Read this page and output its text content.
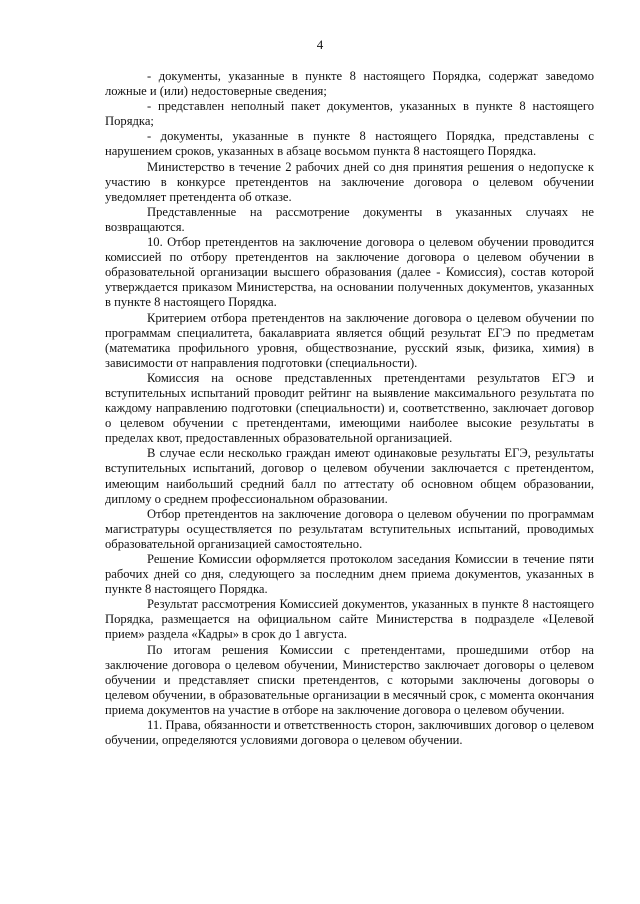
4

- документы, указанные в пункте 8 настоящего Порядка, содержат заведомо ложные и (или) недостоверные сведения;

- представлен неполный пакет документов, указанных в пункте 8 настоящего Порядка;

- документы, указанные в пункте 8 настоящего Порядка, представлены с нарушением сроков, указанных в абзаце восьмом пункта 8 настоящего Порядка.

Министерство в течение 2 рабочих дней со дня принятия решения о недопуске к участию в конкурсе претендентов на заключение договора о целевом обучении уведомляет претендента об отказе.

Представленные на рассмотрение документы в указанных случаях не возвращаются.

10. Отбор претендентов на заключение договора о целевом обучении проводится комиссией по отбору претендентов на заключение договора о целевом обучении в образовательной организации высшего образования (далее - Комиссия), состав которой утверждается приказом Министерства, на основании полученных документов, указанных в пункте 8 настоящего Порядка.

Критерием отбора претендентов на заключение договора о целевом обучении по программам специалитета, бакалавриата является общий результат ЕГЭ по предметам (математика профильного уровня, обществознание, русский язык, физика, химия) в зависимости от направления подготовки (специальности).

Комиссия на основе представленных претендентами результатов ЕГЭ и вступительных испытаний проводит рейтинг на выявление максимального результата по каждому направлению подготовки (специальности) и, соответственно, заключает договор о целевом обучении с претендентами, имеющими наиболее высокие результаты в пределах квот, предоставленных образовательной организацией.

В случае если несколько граждан имеют одинаковые результаты ЕГЭ, результаты вступительных испытаний, договор о целевом обучении заключается с претендентом, имеющим наибольший средний балл по аттестату об основном общем образовании, диплому о среднем профессиональном образовании.

Отбор претендентов на заключение договора о целевом обучении по программам магистратуры осуществляется по результатам вступительных испытаний, проводимых образовательной организацией самостоятельно.

Решение Комиссии оформляется протоколом заседания Комиссии в течение пяти рабочих дней со дня, следующего за последним днем приема документов, указанных в пункте 8 настоящего Порядка.

Результат рассмотрения Комиссией документов, указанных в пункте 8 настоящего Порядка, размещается на официальном сайте Министерства в подразделе «Целевой прием» раздела «Кадры» в срок до 1 августа.

По итогам решения Комиссии с претендентами, прошедшими отбор на заключение договора о целевом обучении, Министерство заключает договоры о целевом обучении и представляет списки претендентов, с которыми заключены договоры о целевом обучении, в образовательные организации в месячный срок, с момента окончания приема документов на участие в отборе на заключение договора о целевом обучении.

11. Права, обязанности и ответственность сторон, заключивших договор о целевом обучении, определяются условиями договора о целевом обучении.
